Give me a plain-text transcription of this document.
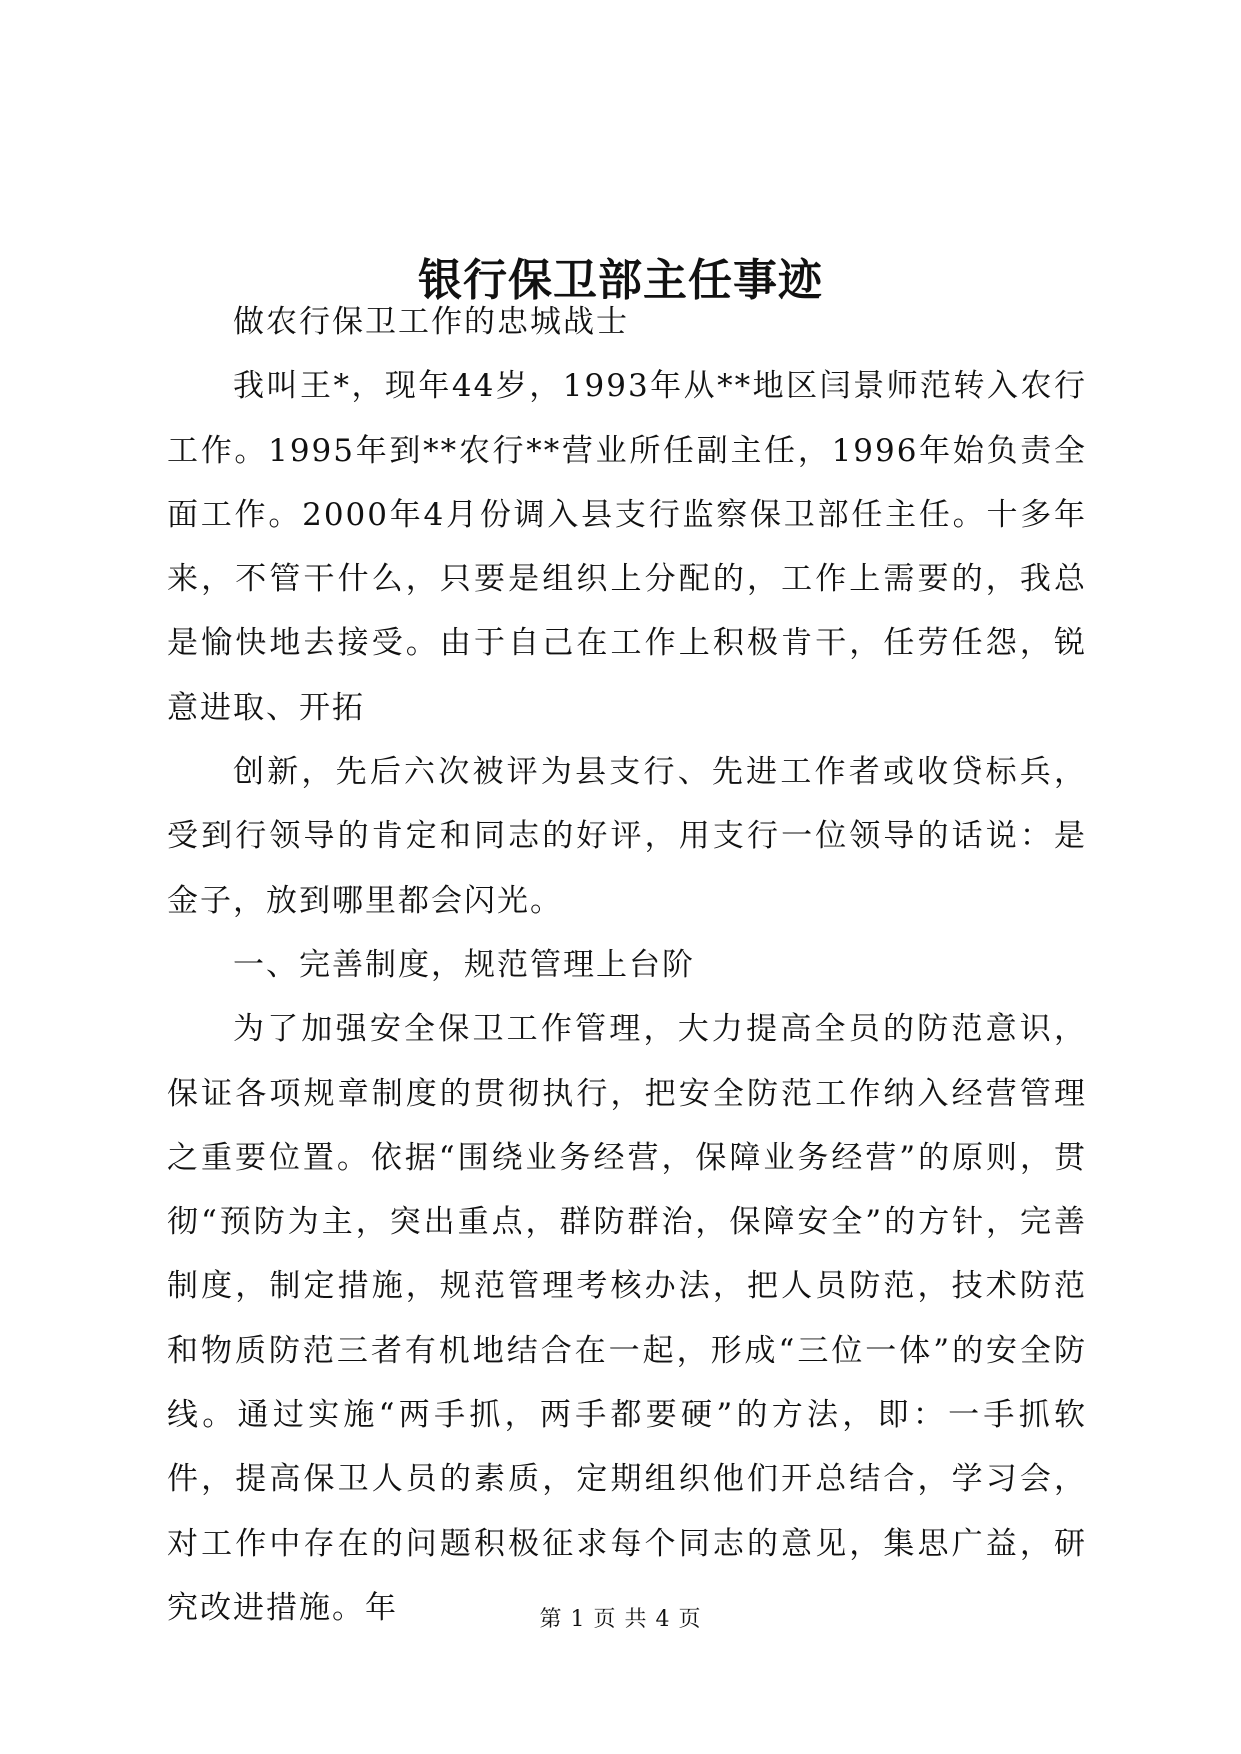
银行保卫部主任事迹

做农行保卫工作的忠城战士

我叫王*，现年44岁，1993年从**地区闫景师范转入农行工作。1995年到**农行**营业所任副主任，1996年始负责全面工作。2000年4月份调入县支行监察保卫部任主任。十多年来，不管干什么，只要是组织上分配的，工作上需要的，我总是愉快地去接受。由于自己在工作上积极肯干，任劳任怨，锐意进取、开拓

创新，先后六次被评为县支行、先进工作者或收贷标兵，受到行领导的肯定和同志的好评，用支行一位领导的话说：是金子，放到哪里都会闪光。

一、完善制度，规范管理上台阶

为了加强安全保卫工作管理，大力提高全员的防范意识，保证各项规章制度的贯彻执行，把安全防范工作纳入经营管理之重要位置。依据“围绕业务经营，保障业务经营”的原则，贯彻“预防为主，突出重点，群防群治，保障安全”的方针，完善制度，制定措施，规范管理考核办法，把人员防范，技术防范和物质防范三者有机地结合在一起，形成“三位一体”的安全防线。通过实施“两手抓，两手都要硬”的方法，即：一手抓软件，提高保卫人员的素质，定期组织他们开总结合，学习会，对工作中存在的问题积极征求每个同志的意见，集思广益，研究改进措施。年	第 1 页 共 4 页
